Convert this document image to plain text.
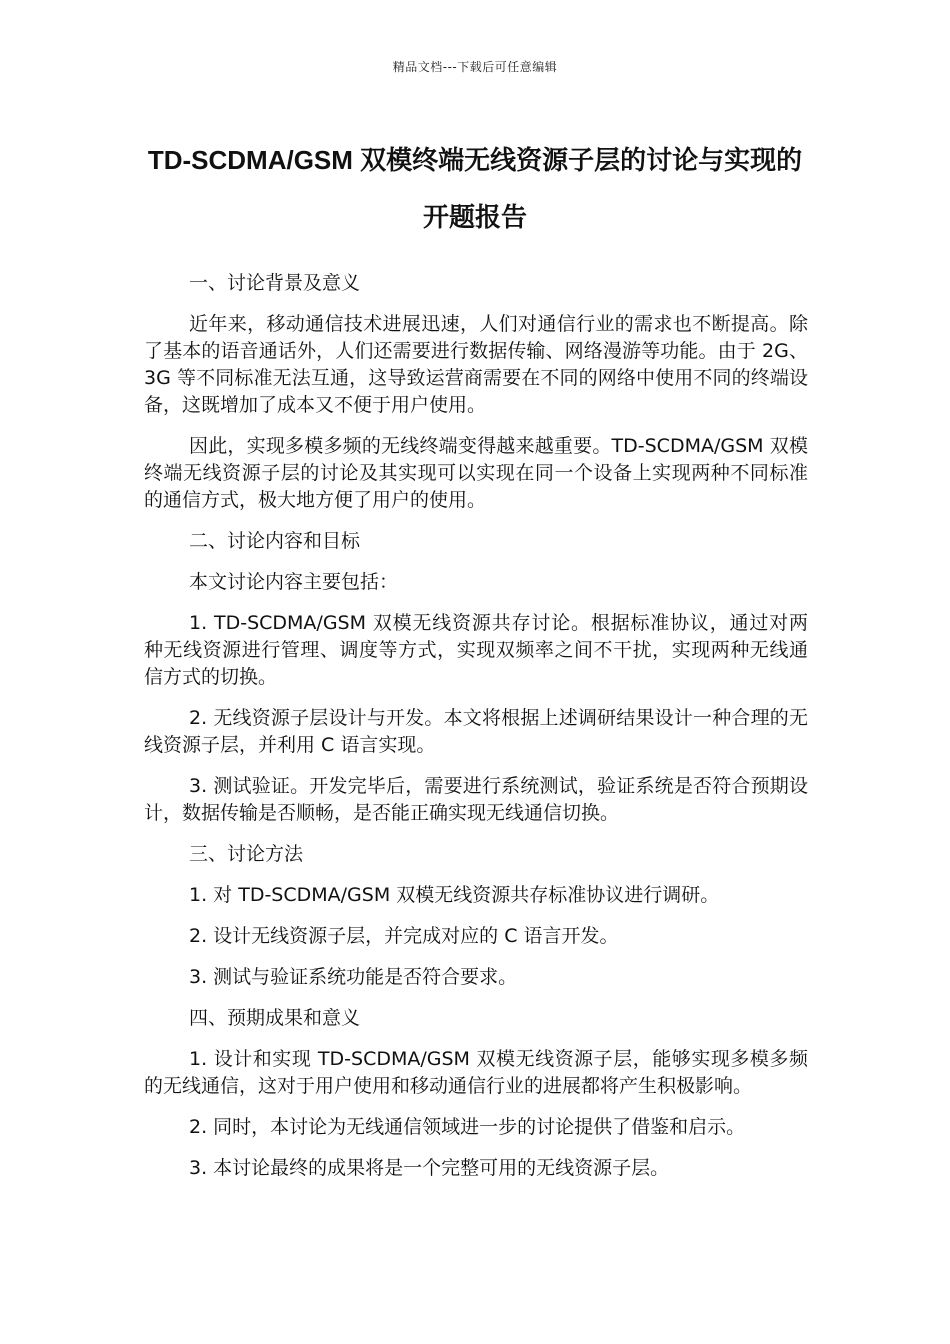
精品文档---下载后可任意编辑
TD-SCDMA/GSM 双模终端无线资源子层的讨论与实现的开题报告

一、讨论背景及意义

近年来，移动通信技术进展迅速，人们对通信行业的需求也不断提高。除了基本的语音通话外，人们还需要进行数据传输、网络漫游等功能。由于 2G、3G 等不同标准无法互通，这导致运营商需要在不同的网络中使用不同的终端设备，这既增加了成本又不便于用户使用。

因此，实现多模多频的无线终端变得越来越重要。TD-SCDMA/GSM 双模终端无线资源子层的讨论及其实现可以实现在同一个设备上实现两种不同标准的通信方式，极大地方便了用户的使用。

二、讨论内容和目标

本文讨论内容主要包括：

1. TD-SCDMA/GSM 双模无线资源共存讨论。根据标准协议，通过对两种无线资源进行管理、调度等方式，实现双频率之间不干扰，实现两种无线通信方式的切换。

2. 无线资源子层设计与开发。本文将根据上述调研结果设计一种合理的无线资源子层，并利用 C 语言实现。

3. 测试验证。开发完毕后，需要进行系统测试，验证系统是否符合预期设计，数据传输是否顺畅，是否能正确实现无线通信切换。

三、讨论方法

1. 对 TD-SCDMA/GSM 双模无线资源共存标准协议进行调研。

2. 设计无线资源子层，并完成对应的 C 语言开发。

3. 测试与验证系统功能是否符合要求。

四、预期成果和意义

1. 设计和实现 TD-SCDMA/GSM 双模无线资源子层，能够实现多模多频的无线通信，这对于用户使用和移动通信行业的进展都将产生积极影响。

2. 同时，本讨论为无线通信领域进一步的讨论提供了借鉴和启示。

3. 本讨论最终的成果将是一个完整可用的无线资源子层。
